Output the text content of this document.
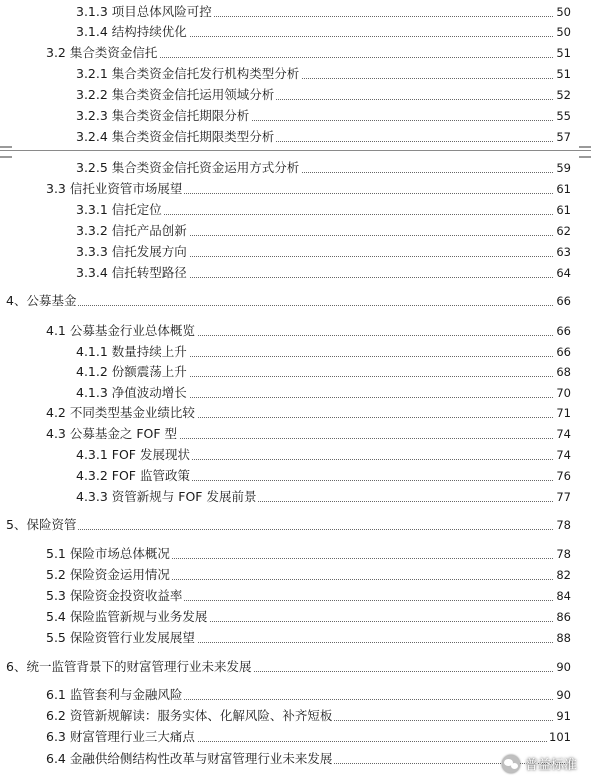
3.1.3 项目总体风险可控	50
3.1.4 结构持续优化	50
3.2 集合类资金信托	51
3.2.1 集合类资金信托发行机构类型分析	51
3.2.2 集合类资金信托运用领域分析	52
3.2.3 集合类资金信托期限分析	55
3.2.4 集合类资金信托期限类型分析	57
3.2.5 集合类资金信托资金运用方式分析	59
3.3 信托业资管市场展望	61
3.3.1 信托定位	61
3.3.2 信托产品创新	62
3.3.3 信托发展方向	63
3.3.4 信托转型路径	64
4、公募基金	66
4.1 公募基金行业总体概览	66
4.1.1 数量持续上升	66
4.1.2 份额震荡上升	68
4.1.3 净值波动增长	70
4.2 不同类型基金业绩比较	71
4.3 公募基金之 FOF 型	74
4.3.1 FOF 发展现状	74
4.3.2 FOF 监管政策	76
4.3.3 资管新规与 FOF 发展前景	77
5、保险资管	78
5.1 保险市场总体概况	78
5.2 保险资金运用情况	82
5.3 保险资金投资收益率	84
5.4 保险监管新规与业务发展	86
5.5 保险资管行业发展展望	88
6、统一监管背景下的财富管理行业未来发展	90
6.1 监管套利与金融风险	90
6.2 资管新规解读：服务实体、化解风险、补齐短板	91
6.3 财富管理行业三大痛点	101
6.4 金融供给侧结构性改革与财富管理行业未来发展	普益标准
